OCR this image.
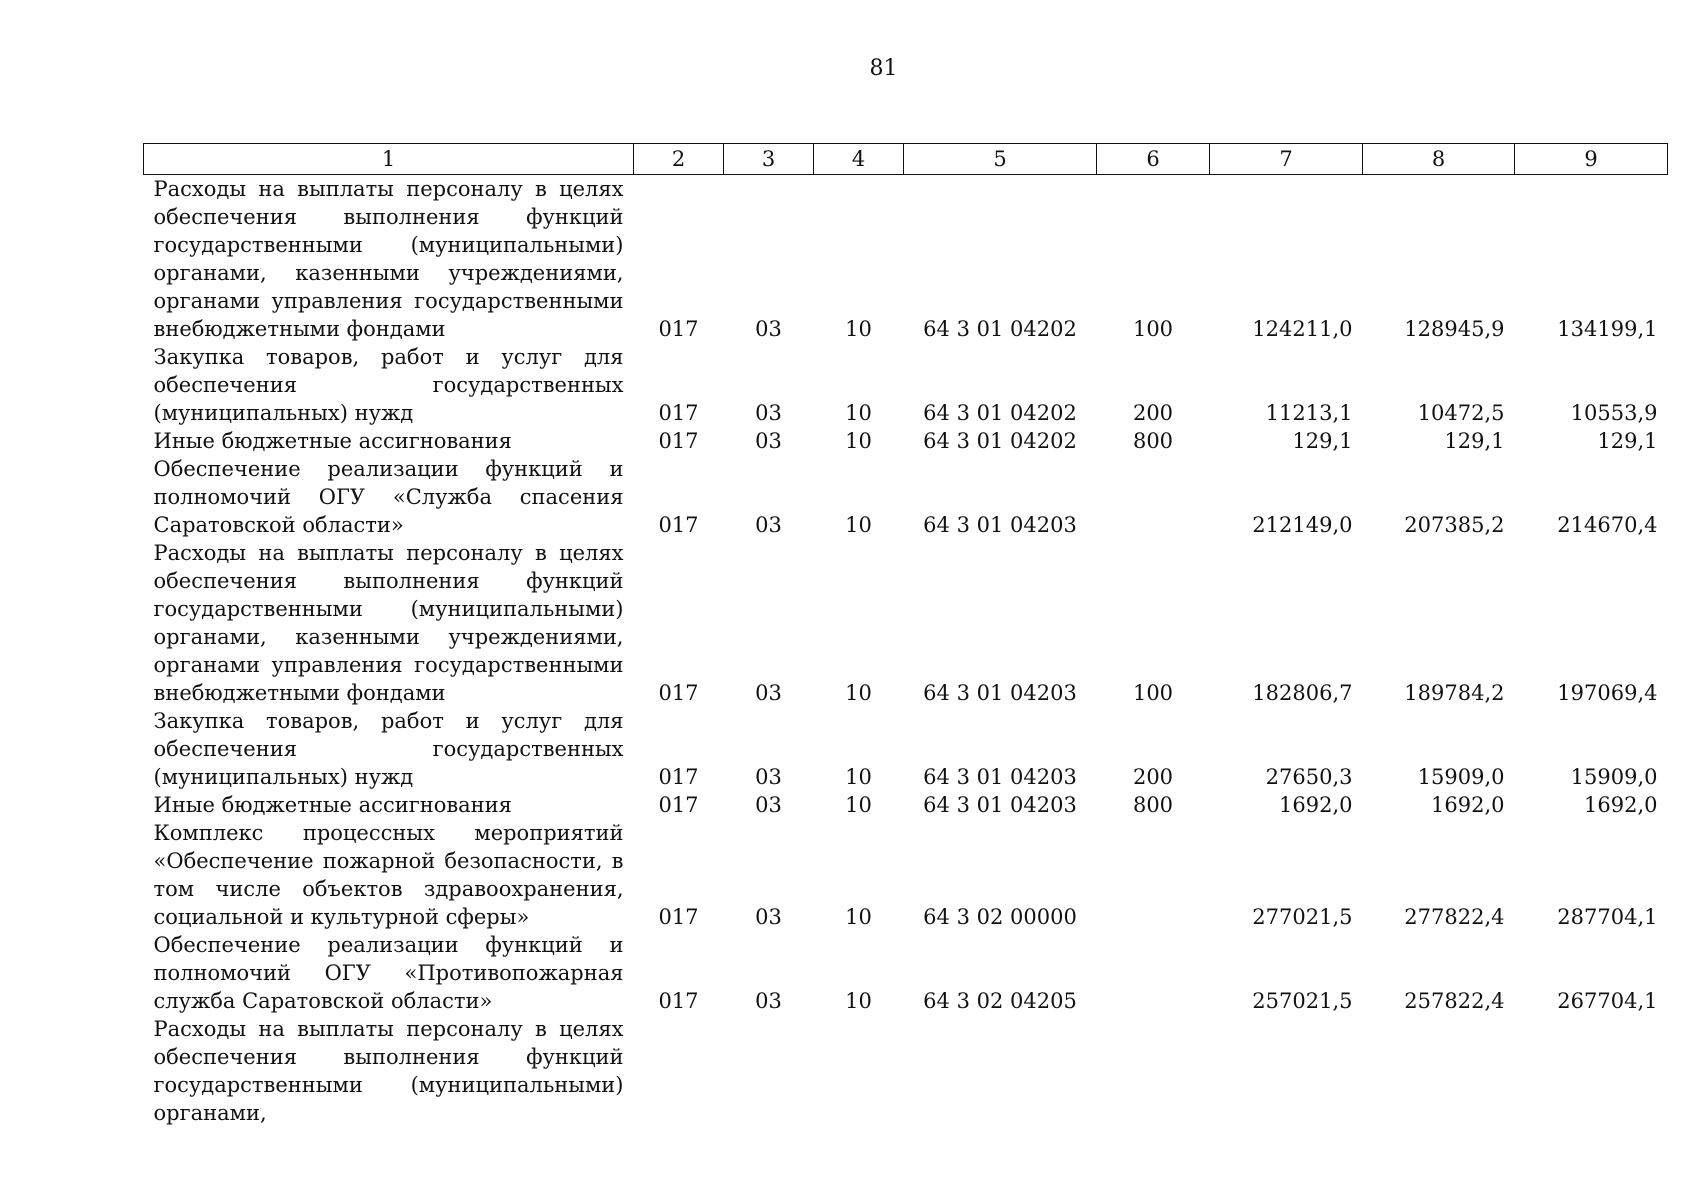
81
1	2	3	4	5	6	7	8	9
Расходы на выплаты персоналу в целях обеспечения выполнения функций государственными (муниципальными) органами, казенными учреждениями, органами управления государственными внебюджетными фондами	017	03	10	64 3 01 04202	100	124211,0	128945,9	134199,1
Закупка товаров, работ и услуг для обеспечения государственных (муниципальных) нужд	017	03	10	64 3 01 04202	200	11213,1	10472,5	10553,9
Иные бюджетные ассигнования	017	03	10	64 3 01 04202	800	129,1	129,1	129,1
Обеспечение реализации функций и полномочий ОГУ «Служба спасения Саратовской области»	017	03	10	64 3 01 04203		212149,0	207385,2	214670,4
Расходы на выплаты персоналу в целях обеспечения выполнения функций государственными (муниципальными) органами, казенными учреждениями, органами управления государственными внебюджетными фондами	017	03	10	64 3 01 04203	100	182806,7	189784,2	197069,4
Закупка товаров, работ и услуг для обеспечения государственных (муниципальных) нужд	017	03	10	64 3 01 04203	200	27650,3	15909,0	15909,0
Иные бюджетные ассигнования	017	03	10	64 3 01 04203	800	1692,0	1692,0	1692,0
Комплекс процессных мероприятий «Обеспечение пожарной безопасности, в том числе объектов здравоохранения, социальной и культурной сферы»	017	03	10	64 3 02 00000		277021,5	277822,4	287704,1
Обеспечение реализации функций и полномочий ОГУ «Противопожарная служба Саратовской области»	017	03	10	64 3 02 04205		257021,5	257822,4	267704,1
Расходы на выплаты персоналу в целях обеспечения выполнения функций государственными (муниципальными) органами,								
